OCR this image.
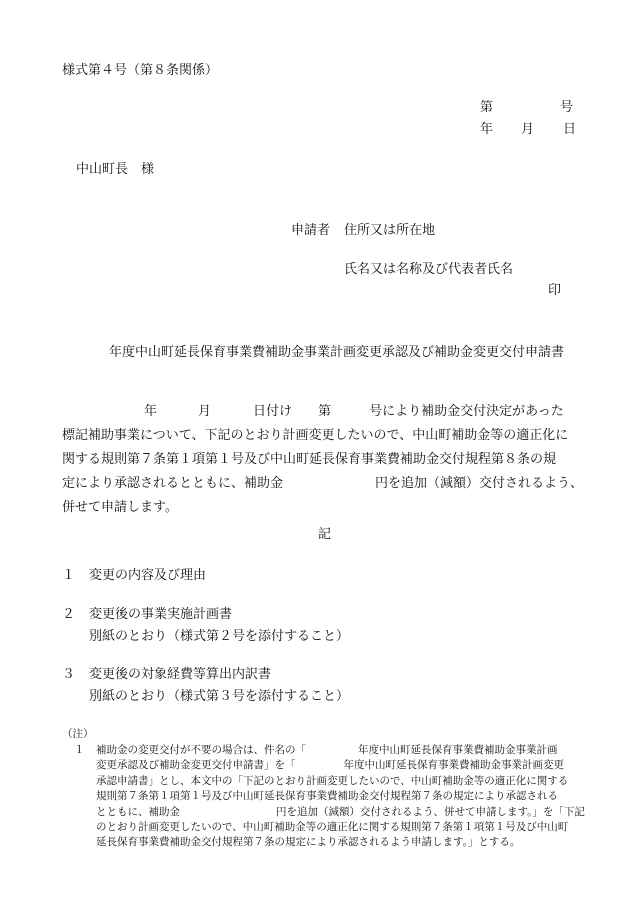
様式第４号（第８条関係）
第	号
年 月 日
中山町長　様
申請者 住所又は所在地
氏名又は名称及び代表者氏名
印
年度中山町延長保育事業費補助金事業計画変更承認及び補助金変更交付申請書
年	月	日付け 第	号により補助金交付決定があった
標記補助事業について、下記のとおり計画変更したいので、中山町補助金等の適正化に
関する規則第７条第１項第１号及び中山町延長保育事業費補助金交付規程第８条の規
定により承認されるとともに、補助金	円を追加（減額）交付されるよう、
併せて申請します。
記
１ 変更の内容及び理由
２ 変更後の事業実施計画書
別紙のとおり（様式第２号を添付すること）
３ 変更後の対象経費等算出内訳書
別紙のとおり（様式第３号を添付すること）
（注）
１ 補助金の変更交付が不要の場合は、件名の「	年度中山町延長保育事業費補助金事業計画
変更承認及び補助金変更交付申請書」を「	年度中山町延長保育事業費補助金事業計画変更
承認申請書」とし、本文中の「下記のとおり計画変更したいので、中山町補助金等の適正化に関する
規則第７条第１項第１号及び中山町延長保育事業費補助金交付規程第７条の規定により承認される
とともに、補助金	円を追加（減額）交付されるよう、併せて申請します。」を「下記
のとおり計画変更したいので、中山町補助金等の適正化に関する規則第７条第１項第１号及び中山町
延長保育事業費補助金交付規程第７条の規定により承認されるよう申請します。」とする。
